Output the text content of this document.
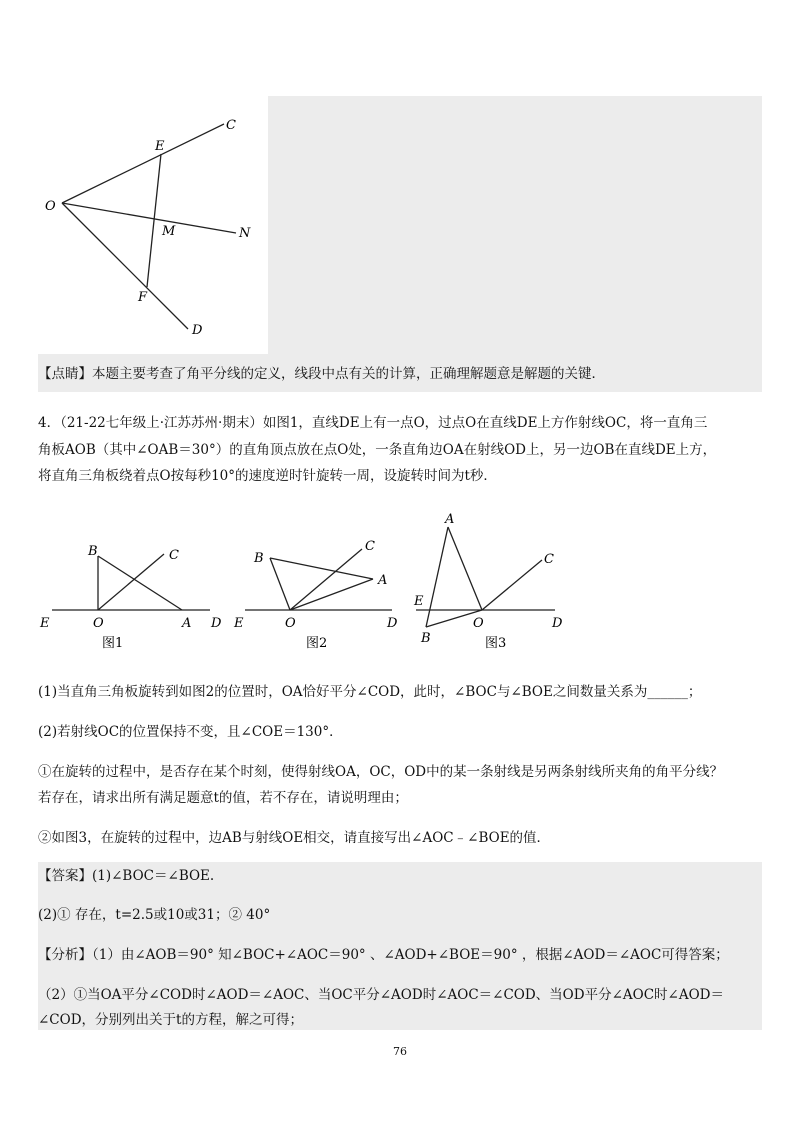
C
E
O
M	N
F
D
【点睛】本题主要考查了角平分线的定义，线段中点有关的计算，正确理解题意是解题的关键．
4．（21-22七年级上·江苏苏州·期末）如图1，直线DE上有一点O，过点O在直线DE上方作射线OC，将一直角三
角板AOB（其中∠OAB＝30°）的直角顶点放在点O处，一条直角边OA在射线OD上，另一边OB在直线DE上方，
将直角三角板绕着点O按每秒10°的速度逆时针旋转一周，设旋转时间为t秒．
B	C
E	O	A D
图1
B
C
A
E	O	D
图2
A
C
E
O
B
D
图3
(1)当直角三角板旋转到如图2的位置时，OA恰好平分∠COD，此时，∠BOC与∠BOE之间数量关系为______；
(2)若射线OC的位置保持不变，且∠COE＝130°．
①在旋转的过程中，是否存在某个时刻，使得射线OA，OC，OD中的某一条射线是另两条射线所夹角的角平分线？
若存在，请求出所有满足题意t的值，若不存在，请说明理由；
②如图3，在旋转的过程中，边AB与射线OE相交，请直接写出∠AOC﹣∠BOE的值．
【答案】(1)∠BOC＝∠BOE.
(2)① 存在，t=2.5或10或31；② 40°
【分析】（1）由∠AOB＝90° 知∠BOC+∠AOC＝90° 、∠AOD+∠BOE＝90° ，根据∠AOD＝∠AOC可得答案；
（2）①当OA平分∠COD时∠AOD＝∠AOC、当OC平分∠AOD时∠AOC＝∠COD、当OD平分∠AOC时∠AOD＝
∠COD，分别列出关于t的方程，解之可得；
76
